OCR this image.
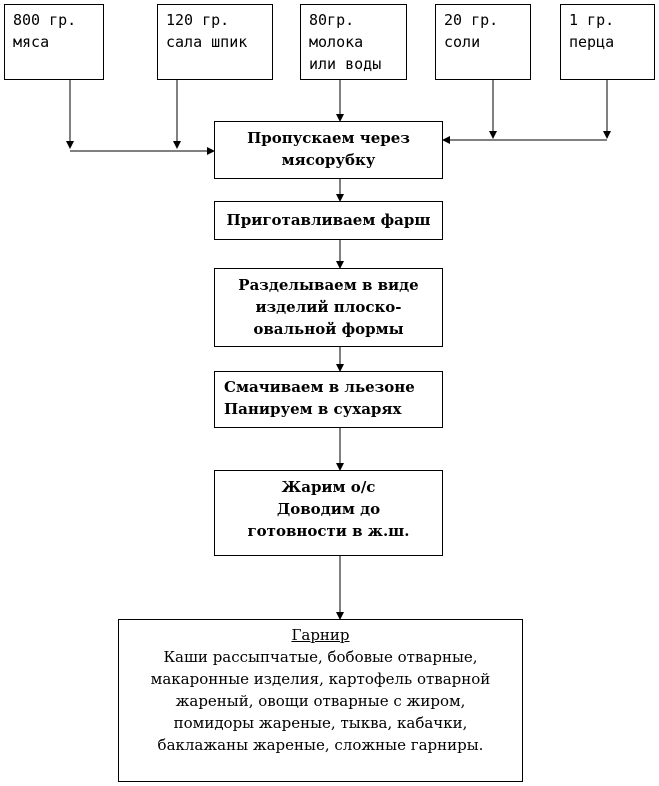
800 гр.
мяса
120 гр.
сала шпик
80гр.
молока
или воды
20 гр.
соли
1 гр.
перца
Пропускаем через
мясорубку
Приготавливаем фарш
Разделываем в виде
изделий плоско-
овальной формы
Смачиваем в льезоне
Панируем в сухарях
Жарим о/с
Доводим до
готовности в ж.ш.
Гарнир
Каши рассыпчатые, бобовые отварные,
макаронные изделия, картофель отварной
жареный, овощи отварные с жиром,
помидоры жареные, тыква, кабачки,
баклажаны жареные, сложные гарниры.
